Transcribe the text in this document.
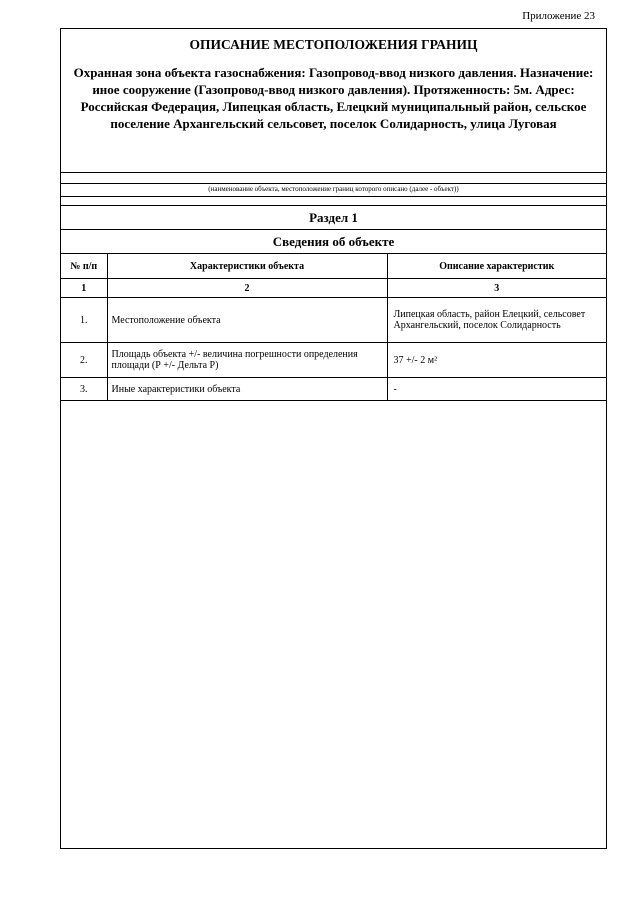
Приложение 23
ОПИСАНИЕ МЕСТОПОЛОЖЕНИЯ ГРАНИЦ
Охранная зона объекта газоснабжения: Газопровод-ввод низкого давления. Назначение: иное сооружение (Газопровод-ввод низкого давления). Протяженность: 5м. Адрес: Российская Федерация, Липецкая область, Елецкий муниципальный район, сельское поселение Архангельский сельсовет, поселок Солидарность, улица Луговая
(наименование объекта, местоположение границ которого описано (далее - объект))
Раздел 1
Сведения об объекте
№ п/п	Характеристики объекта	Описание характеристик
1	2	3
1.	Местоположение объекта	Липецкая область, район Елецкий, сельсовет Архангельский, поселок Солидарность
2.	Площадь объекта +/- величина погрешности определения площади (Р +/- Дельта Р)	37 +/- 2 м²
3.	Иные характеристики объекта	-
